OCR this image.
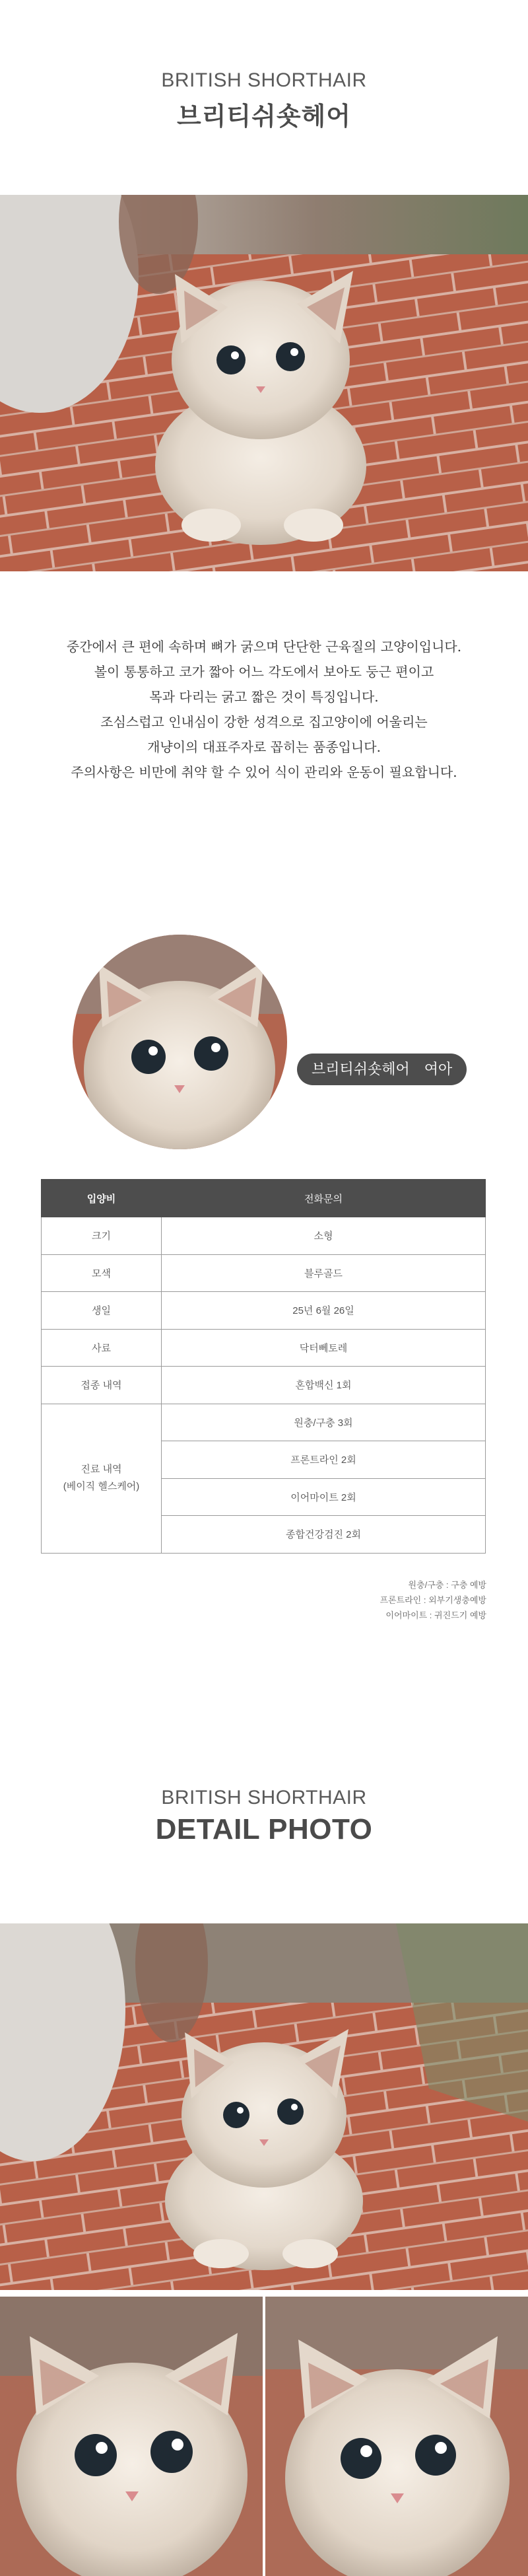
BRITISH SHORTHAIR
브리티쉬숏헤어
중간에서 큰 편에 속하며 뼈가 굵으며 단단한 근육질의 고양이입니다.
볼이 통통하고 코가 짧아 어느 각도에서 보아도 둥근 편이고
목과 다리는 굵고 짧은 것이 특징입니다.
조심스럽고 인내심이 강한 성격으로 집고양이에 어울리는
개냥이의 대표주자로 꼽히는 품종입니다.
주의사항은 비만에 취약 할 수 있어 식이 관리와 운동이 필요합니다.
브리티쉬숏헤어 여아
입양비	전화문의
크기	소형
모색	블루골드
생일	25년 6월 26일
사료	닥터뻬토레
접종 내역	혼합백신 1회

진료 내역
(베이직 헬스케어)	원충/구충 3회
	프론트라인 2회
	이어마이트 2회
	종합건강검진 2회
원충/구충 : 구충 예방
프론트라인 : 외부기생충예방
이어마이트 : 귀진드기 예방
BRITISH SHORTHAIR
DETAIL PHOTO
